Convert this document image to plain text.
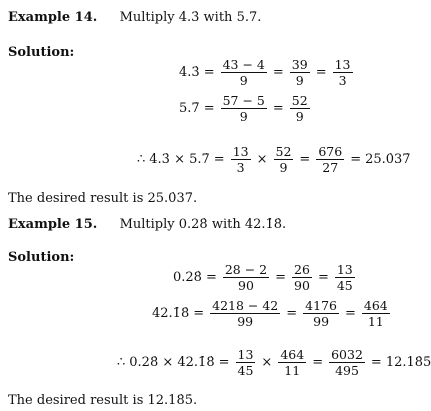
Example 14. Multiply 4.3̇ with 5.7̇.
Solution:
4.3̇ = $\frac{43 - 4}{9} = \frac{39}{9} = \frac{13}{3}$
5.7̇ = $\frac{57 - 5}{9} = \frac{52}{9}$
∴ 4.3̇ × 5.7̇ = $\frac{13}{3} \times \frac{52}{9} = \frac{676}{27}$ = 25.0̇37̇
The desired result is 25.0̇37̇.
Example 15. Multiply 0.28̇ with 42.1̇8̇.
Solution:
0.28̇ = $\frac{28 - 2}{90} = \frac{26}{90} = \frac{13}{45}$
42.1̇8̇ = $\frac{4218 - 42}{99} = \frac{4176}{99} = \frac{464}{11}$
∴ 0.28̇ × 42.1̇8̇ = $\frac{13}{45} \times \frac{464}{11} = \frac{6032}{495}$ = 12.18̇5̇
The desired result is 12.18̇5̇.
